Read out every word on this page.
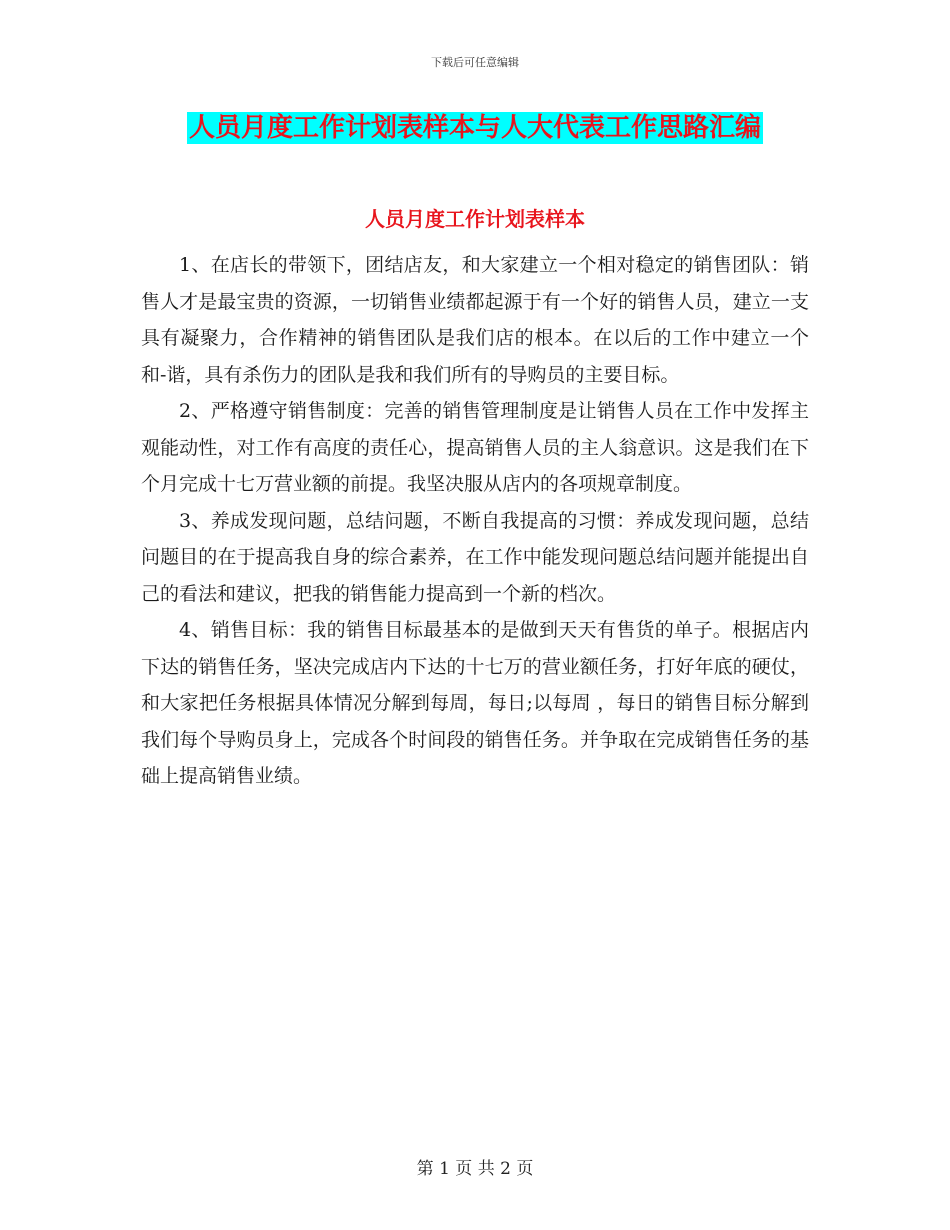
下载后可任意编辑
人员月度工作计划表样本与人大代表工作思路汇编
人员月度工作计划表样本

1、在店长的带领下，团结店友，和大家建立一个相对稳定的销售团队：销售人才是最宝贵的资源，一切销售业绩都起源于有一个好的销售人员，建立一支具有凝聚力，合作精神的销售团队是我们店的根本。在以后的工作中建立一个和-谐，具有杀伤力的团队是我和我们所有的导购员的主要目标。

2、严格遵守销售制度：完善的销售管理制度是让销售人员在工作中发挥主观能动性，对工作有高度的责任心，提高销售人员的主人翁意识。这是我们在下个月完成十七万营业额的前提。我坚决服从店内的各项规章制度。

3、养成发现问题，总结问题，不断自我提高的习惯：养成发现问题，总结问题目的在于提高我自身的综合素养，在工作中能发现问题总结问题并能提出自己的看法和建议，把我的销售能力提高到一个新的档次。

4、销售目标：我的销售目标最基本的是做到天天有售货的单子。根据店内下达的销售任务，坚决完成店内下达的十七万的营业额任务，打好年底的硬仗，和大家把任务根据具体情况分解到每周，每日;以每周 ，每日的销售目标分解到我们每个导购员身上，完成各个时间段的销售任务。并争取在完成销售任务的基础上提高销售业绩。

第 1 页 共 2 页
